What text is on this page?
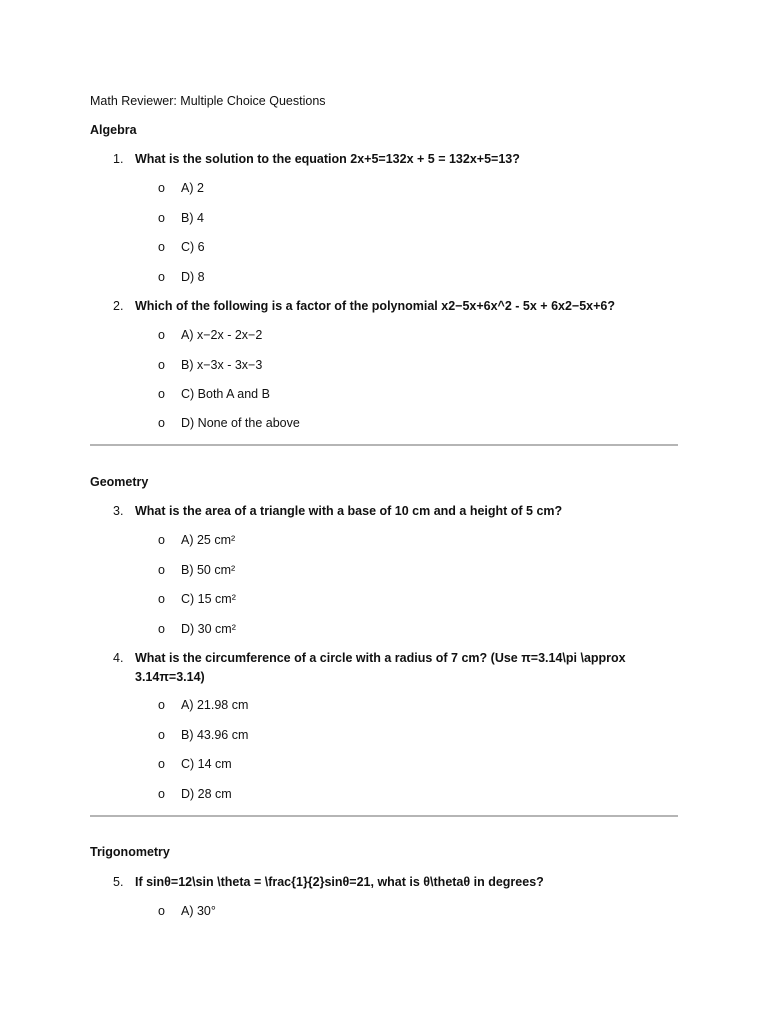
Math Reviewer: Multiple Choice Questions
Algebra
1. What is the solution to the equation 2x+5=132x + 5 = 132x+5=13?
o A) 2
o B) 4
o C) 6
o D) 8
2. Which of the following is a factor of the polynomial x2−5x+6x^2 - 5x + 6x2−5x+6?
o A) x−2x - 2x−2
o B) x−3x - 3x−3
o C) Both A and B
o D) None of the above
Geometry
3. What is the area of a triangle with a base of 10 cm and a height of 5 cm?
o A) 25 cm²
o B) 50 cm²
o C) 15 cm²
o D) 30 cm²
4. What is the circumference of a circle with a radius of 7 cm? (Use π=3.14\pi \approx
3.14π=3.14)
o A) 21.98 cm
o B) 43.96 cm
o C) 14 cm
o D) 28 cm
Trigonometry
5. If sinθ=12\sin \theta = \frac{1}{2}sinθ=21, what is θ\thetaθ in degrees?
o A) 30°
